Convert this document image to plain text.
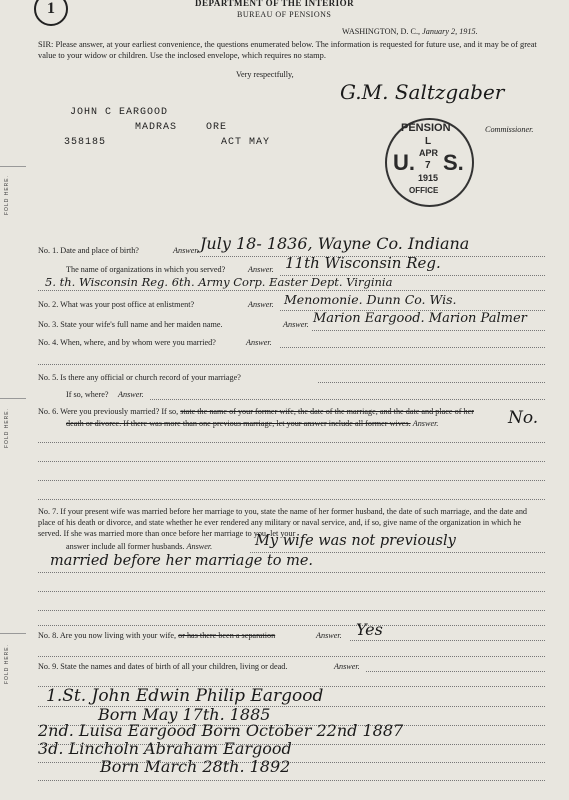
1	DEPARTMENT OF THE INTERIOR
BUREAU OF PENSIONS
WASHINGTON, D. C., January 2, 1915.
SIR: Please answer, at your earliest convenience, the questions enumerated below. The information is requested for future use, and it may be of great value to your widow or children. Use the inclosed envelope, which requires no stamp.
Very respectfully,
G.M. Saltzgaber
Commissioner.
JOHN C EARGOOD
MADRAS	ORE
358185	ACT MAY
PENSION
L
APR
7
1915
U. S.
OFFICE
FOLD HERE.
FOLD HERE.
FOLD HERE.
No. 1. Date and place of birth?	Answer. July 18- 1836, Wayne Co. Indiana
The name of organizations in which you served?	Answer. 11th Wisconsin Reg.
5. th. Wisconsin Reg. 6th. Army Corp. Easter Dept. Virginia
No. 2. What was your post office at enlistment?	Answer. Menomonie. Dunn Co. Wis.
No. 3. State your wife's full name and her maiden name.	Answer. Marion Eargood. Marion Palmer
No. 4. When, where, and by whom were you married?	Answer.
No. 5. Is there any official or church record of your marriage?
If so, where? Answer.
No. 6. Were you previously married? If so, state the name of your former wife, the date of the marriage, and the date and place of her
death or divorce. If there was more than one previous marriage, let your answer include all former wives. Answer.	No.
No. 7. If your present wife was married before her marriage to you, state the name of her former husband, the date of such marriage, and the date and place of his death or divorce, and state whether he ever rendered any military or naval service, and, if so, give name of the organization in which he served. If she was married more than once before her marriage to you, let your
answer include all former husbands. Answer.	My wife was not previously
married before her marriage to me.
No. 8. Are you now living with your wife, or has there been a separation	Answer. Yes
No. 9. State the names and dates of birth of all your children, living or dead.	Answer.
1.St. John Edwin Philip Eargood
Born May 17th. 1885
2nd. Luisa Eargood Born October 22nd 1887
3d. Lincholn Abraham Eargood
Born March 28th. 1892
